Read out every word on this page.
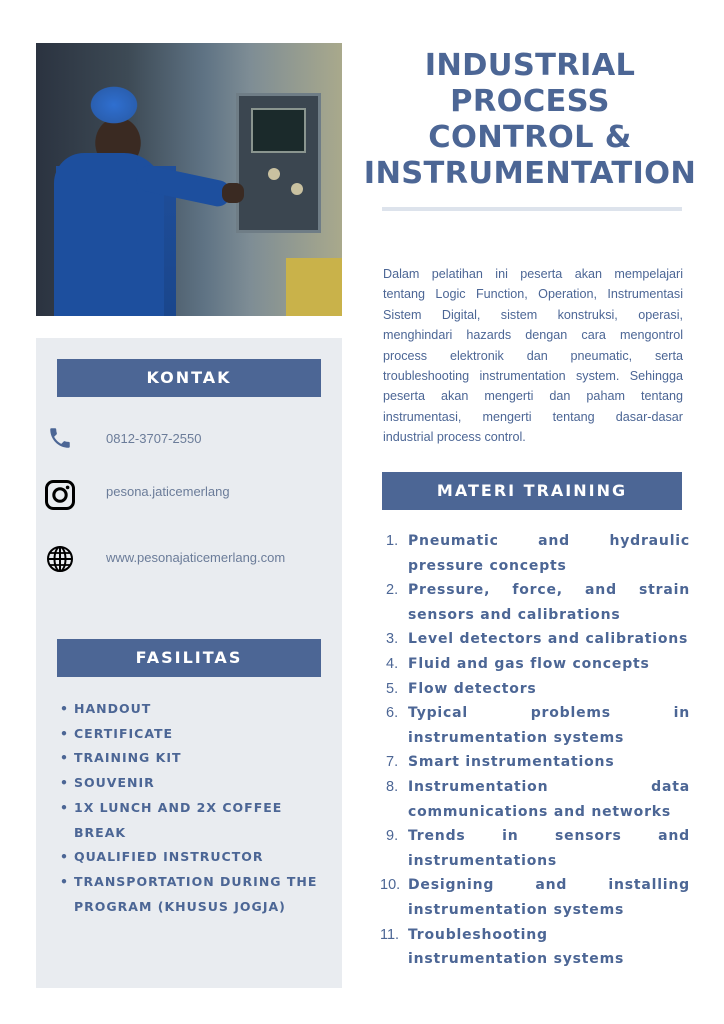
KONTAK
0812-3707-2550
pesona.jaticemerlang
www.pesonajaticemerlang.com
FASILITAS
• HANDOUT
• CERTIFICATE
• TRAINING KIT
• SOUVENIR
• 1X LUNCH AND 2X COFFEE BREAK
• QUALIFIED INSTRUCTOR
• TRANSPORTATION DURING THE PROGRAM (KHUSUS JOGJA)
INDUSTRIAL
PROCESS
CONTROL &
INSTRUMENTATION

Dalam pelatihan ini peserta akan mempelajari tentang Logic Function, Operation, Instrumentasi Sistem Digital, sistem konstruksi, operasi, menghindari hazards dengan cara mengontrol process elektronik dan pneumatic, serta troubleshooting instrumentation system. Sehingga peserta akan mengerti dan paham tentang instrumentasi, mengerti tentang dasar-dasar industrial process control.

MATERI TRAINING
1. Pneumatic and hydraulic pressure concepts
2. Pressure, force, and strain sensors and calibrations
3. Level detectors and calibrations
4. Fluid and gas flow concepts
5. Flow detectors
6. Typical problems in instrumentation systems
7. Smart instrumentations
8. Instrumentation data communications and networks
9. Trends in sensors and instrumentations
10. Designing and installing instrumentation systems
11. Troubleshooting instrumentation systems
